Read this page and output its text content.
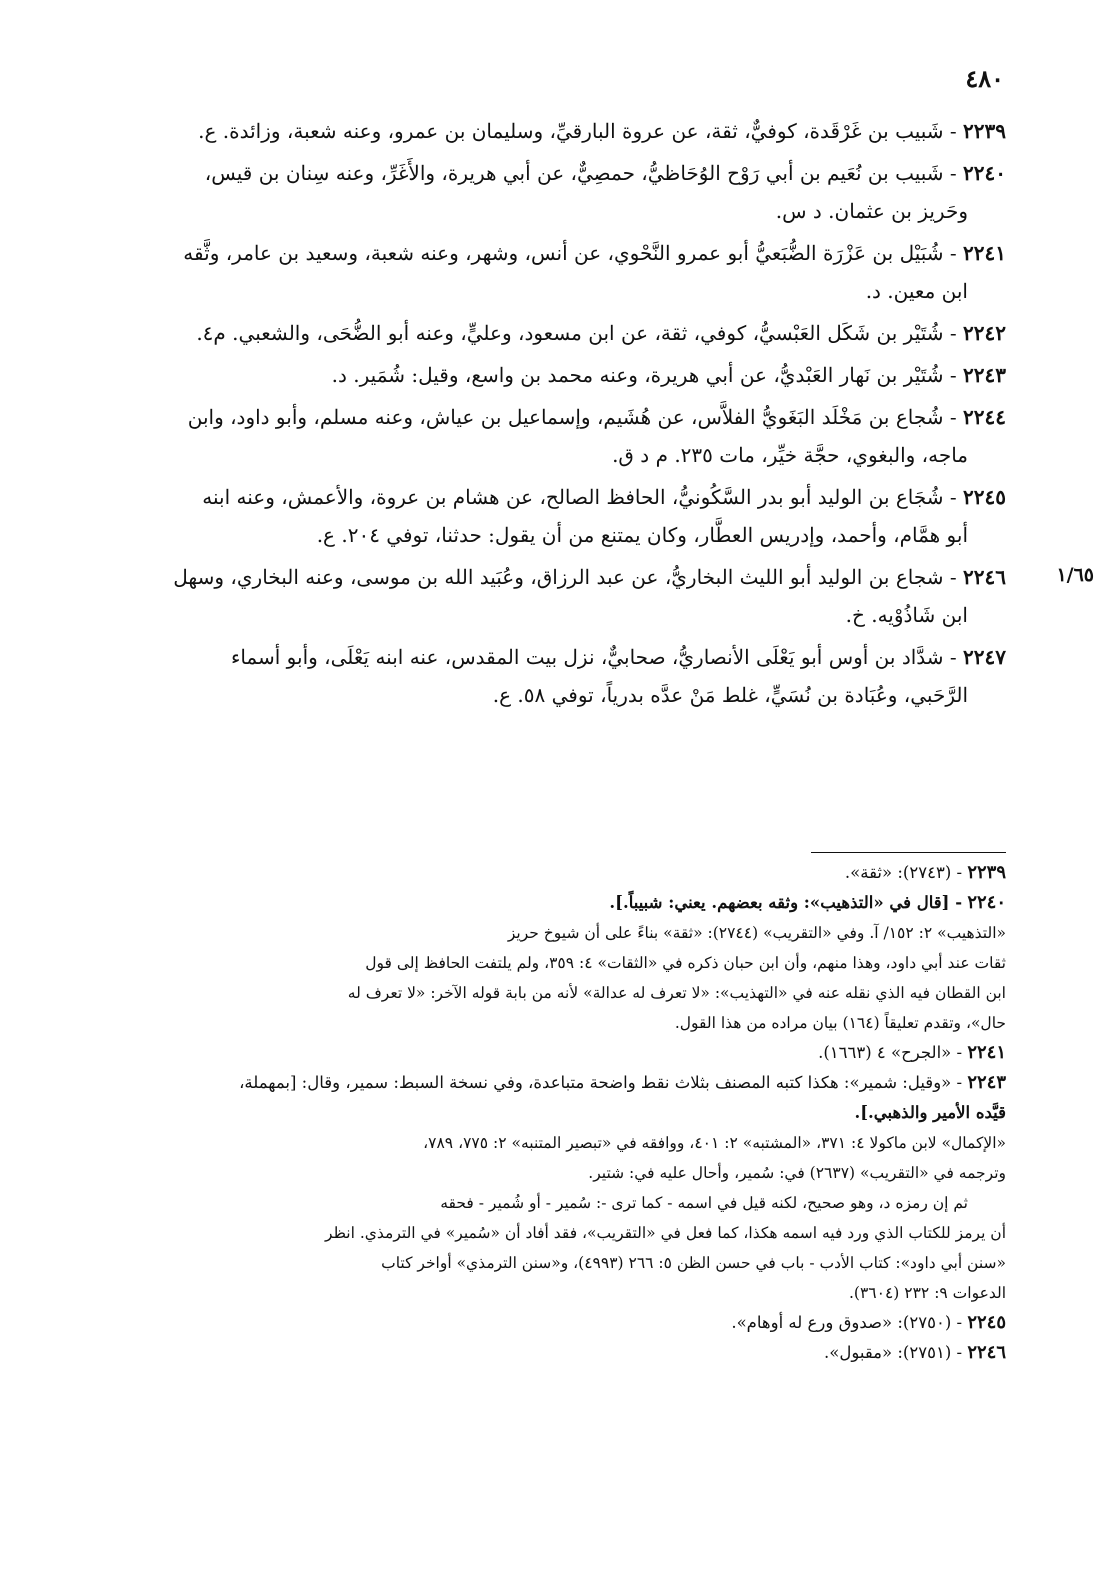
٤٨٠
١/٦٥

٢٢٣٩ - شَبيب بن غَرْقَدة، كوفيٌّ، ثقة، عن عروة البارقيِّ، وسليمان بن عمرو، وعنه شعبة، وزائدة. ع.

٢٢٤٠ - شَبيب بن نُعَيم بن أبي رَوْح الوُحَاظيُّ، حمصِيٌّ، عن أبي هريرة، والأَغَرِّ، وعنه سِنان بن قيس،
وحَريز بن عثمان. د س.

٢٢٤١ - شُبَيْل بن عَزْرَة الضُّبَعيُّ أبو عمرو النَّحْوي، عن أنس، وشهر، وعنه شعبة، وسعيد بن عامر، وثَّقه
ابن معين. د.

٢٢٤٢ - شُتَيْر بن شَكَل العَبْسيُّ، كوفي، ثقة، عن ابن مسعود، وعليٍّ، وعنه أبو الضُّحَى، والشعبي. م٤.

٢٢٤٣ - شُتَيْر بن نَهار العَبْديُّ، عن أبي هريرة، وعنه محمد بن واسع، وقيل: شُمَير. د.

٢٢٤٤ - شُجاع بن مَخْلَد البَغَويُّ الفلاَّس، عن هُشَيم، وإسماعيل بن عياش، وعنه مسلم، وأبو داود، وابن
ماجه، والبغوي، حجَّة خيِّر، مات ٢٣٥. م د ق.

٢٢٤٥ - شُجَاع بن الوليد أبو بدر السَّكُونيُّ، الحافظ الصالح، عن هشام بن عروة، والأعمش، وعنه ابنه
أبو همَّام، وأحمد، وإدريس العطَّار، وكان يمتنع من أن يقول: حدثنا، توفي ٢٠٤. ع.

٢٢٤٦ - شجاع بن الوليد أبو الليث البخاريُّ، عن عبد الرزاق، وعُبَيد الله بن موسى، وعنه البخاري، وسهل
ابن شَاذُوْيه. خ.

٢٢٤٧ - شدَّاد بن أوس أبو يَعْلَى الأنصاريُّ، صحابيٌّ، نزل بيت المقدس، عنه ابنه يَعْلَى، وأبو أسماء
الرَّحَبي، وعُبَادة بن نُسَيٍّ، غلط مَنْ عدَّه بدرياً، توفي ٥٨. ع.

٢٢٣٩ - (٢٧٤٣): «ثقة».

٢٢٤٠ - [قال في «التذهيب»: وثقه بعضهم. يعني: شبيباً.].
«التذهيب» ٢: ١٥٢/ آ. وفي «التقريب» (٢٧٤٤): «ثقة» بناءً على أن شيوخ حريز
ثقات عند أبي داود، وهذا منهم، وأن ابن حبان ذكره في «الثقات» ٤: ٣٥٩، ولم يلتفت الحافظ إلى قول
ابن القطان فيه الذي نقله عنه في «التهذيب»: «لا تعرف له عدالة» لأنه من بابة قوله الآخر: «لا تعرف له
حال»، وتقدم تعليقاً (١٦٤) بيان مراده من هذا القول.

٢٢٤١ - «الجرح» ٤ (١٦٦٣).

٢٢٤٣ - «وقيل: شمير»: هكذا كتبه المصنف بثلاث نقط واضحة متباعدة، وفي نسخة السبط: سمير، وقال: [بمهملة،
قيَّده الأمير والذهبي.].
«الإكمال» لابن ماكولا ٤: ٣٧١، «المشتبه» ٢: ٤٠١، ووافقه في «تبصير المتنبه» ٢: ٧٧٥، ٧٨٩،
وترجمه في «التقريب» (٢٦٣٧) في: سُمير، وأحال عليه في: شتير.
ثم إن رمزه د، وهو صحيح، لكنه قيل في اسمه - كما ترى -: سُمير - أو شُمير - فحقه
أن يرمز للكتاب الذي ورد فيه اسمه هكذا، كما فعل في «التقريب»، فقد أفاد أن «سُمير» في الترمذي. انظر
«سنن أبي داود»: كتاب الأدب - باب في حسن الظن ٥: ٢٦٦ (٤٩٩٣)، و«سنن الترمذي» أواخر كتاب
الدعوات ٩: ٢٣٢ (٣٦٠٤).

٢٢٤٥ - (٢٧٥٠): «صدوق ورع له أوهام».

٢٢٤٦ - (٢٧٥١): «مقبول».
